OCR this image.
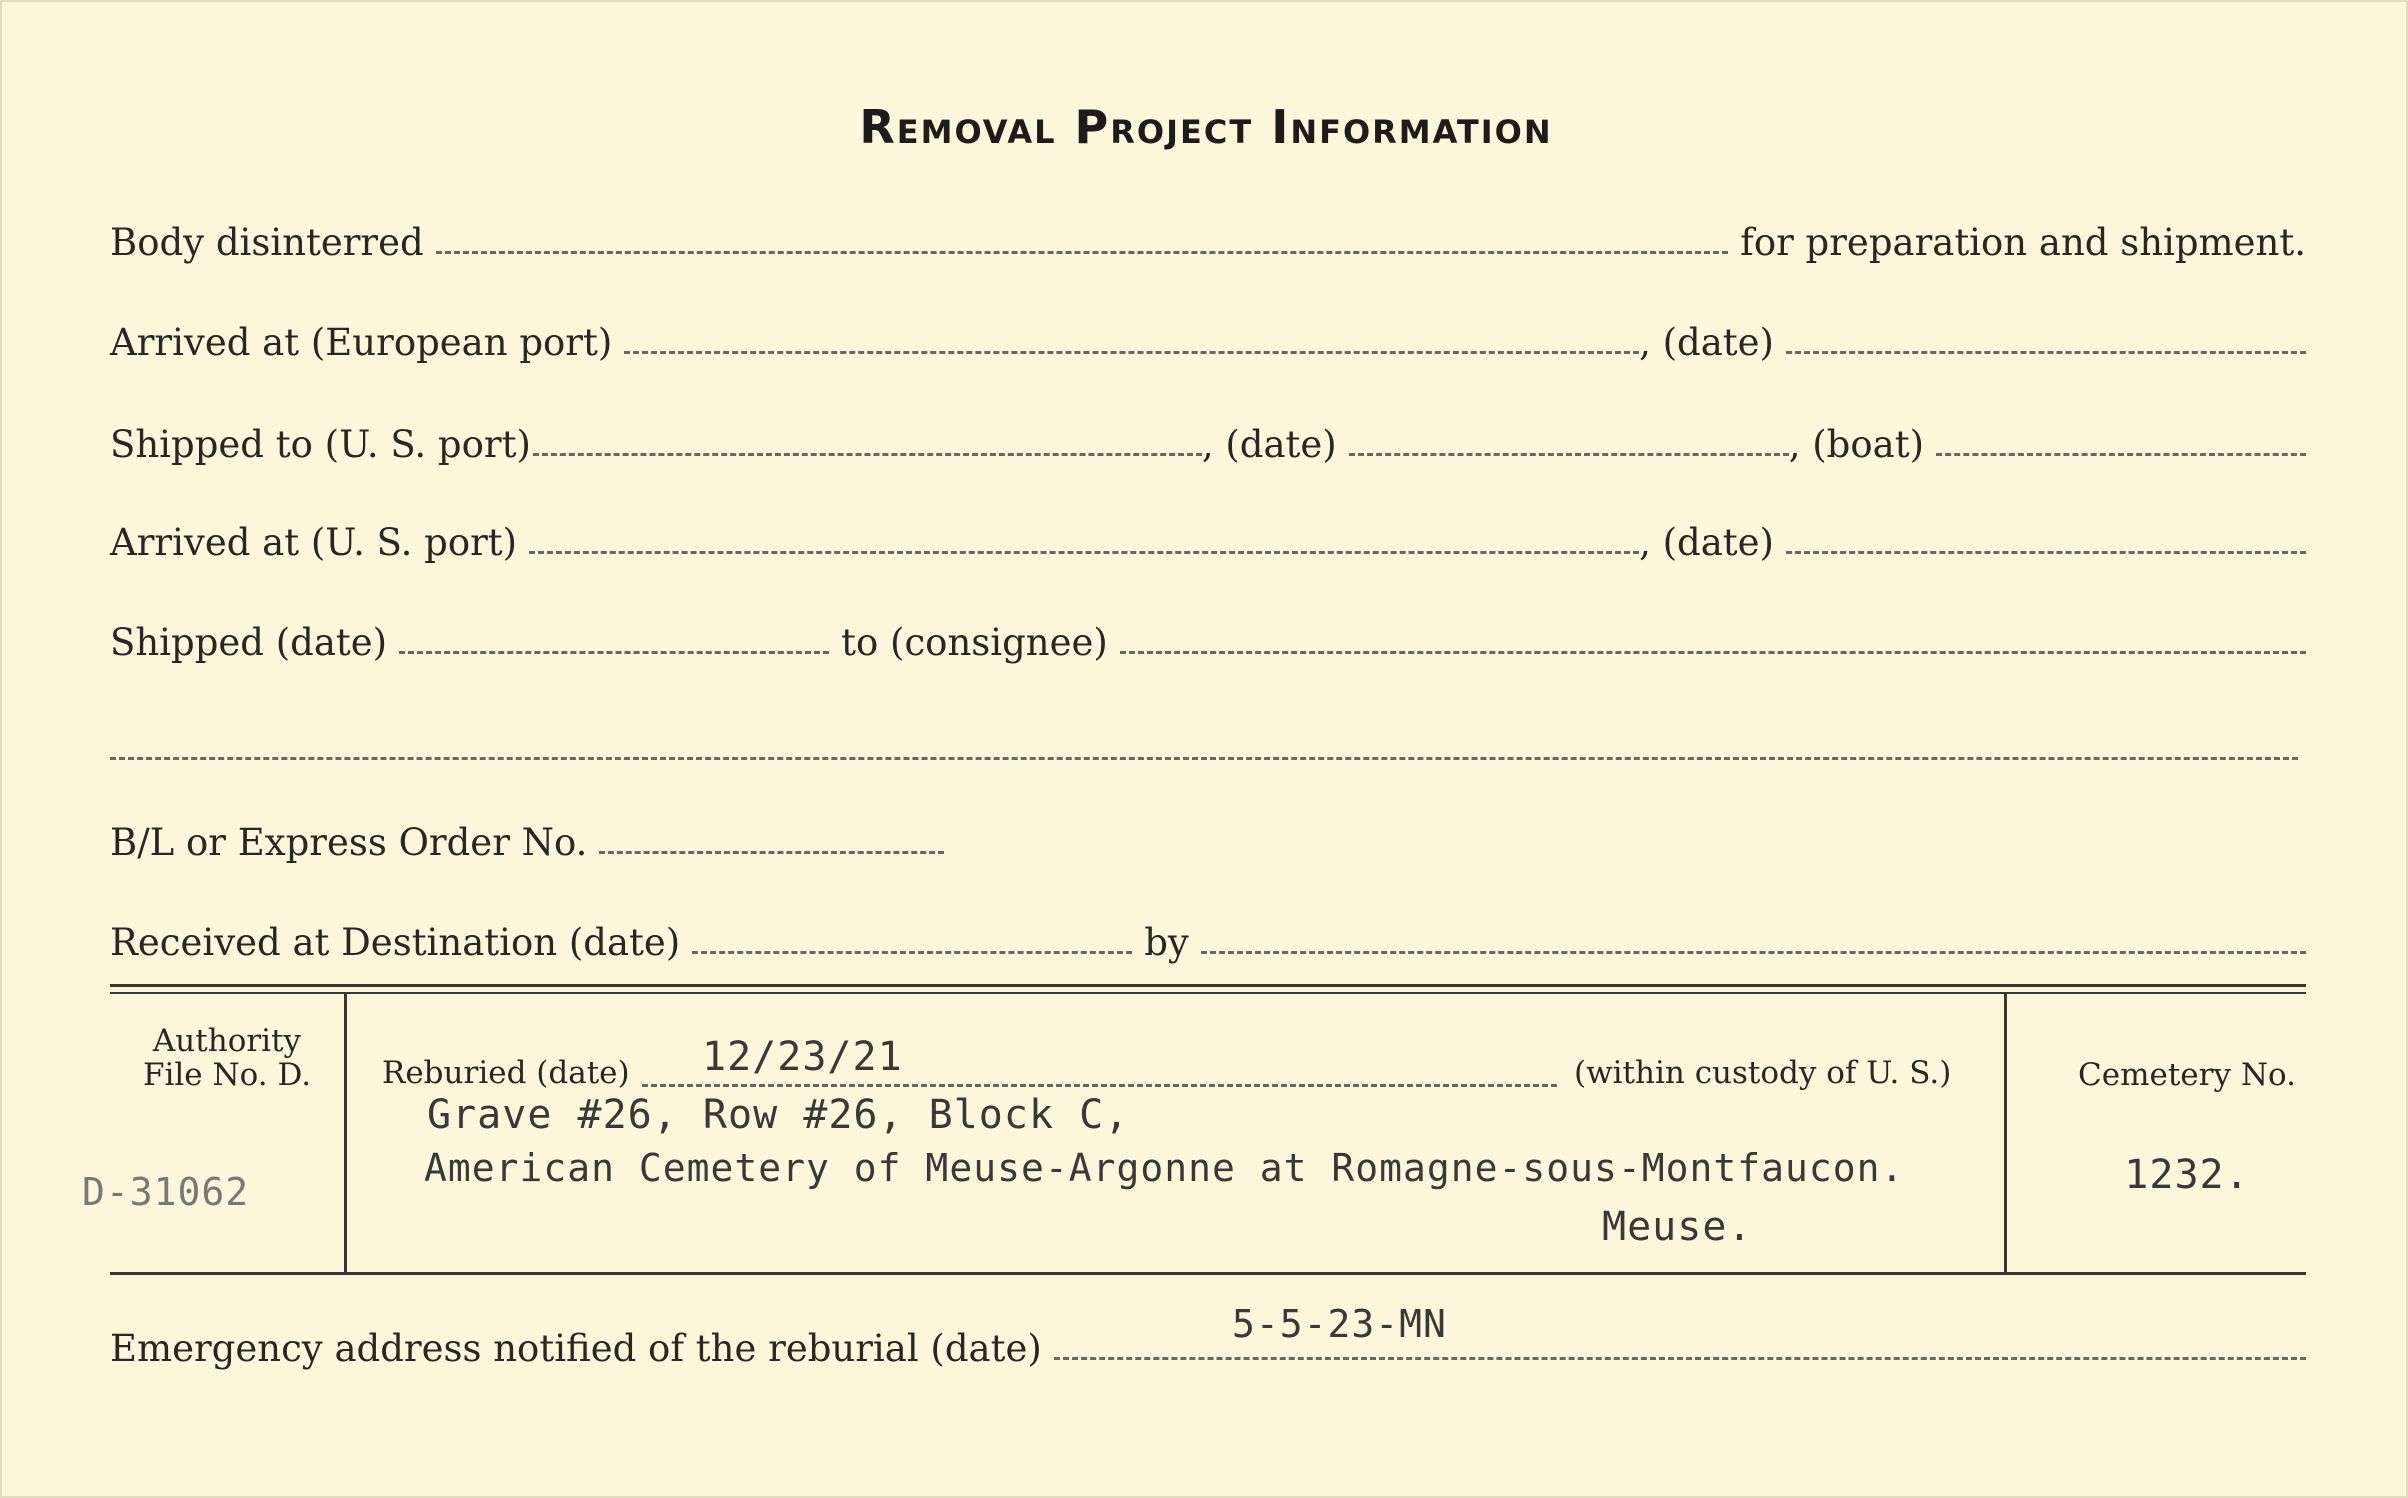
Removal Project Information
Body disinterred	for preparation and shipment.
Arrived at (European port)	, (date)
Shipped to (U. S. port)	, (date)	, (boat)
Arrived at (U. S. port)	, (date)
Shipped (date)	to (consignee)
B/L or Express Order No.
Received at Destination (date)	by
Authority
File No. D.
D-31062
Reburied (date) 12/23/21	(within custody of U. S.)
Grave #26, Row #26, Block C,
American Cemetery of Meuse-Argonne at Romagne-sous-Montfaucon.
Meuse.
Cemetery No.
1232.
Emergency address notified of the reburial (date)
5-5-23-MN
